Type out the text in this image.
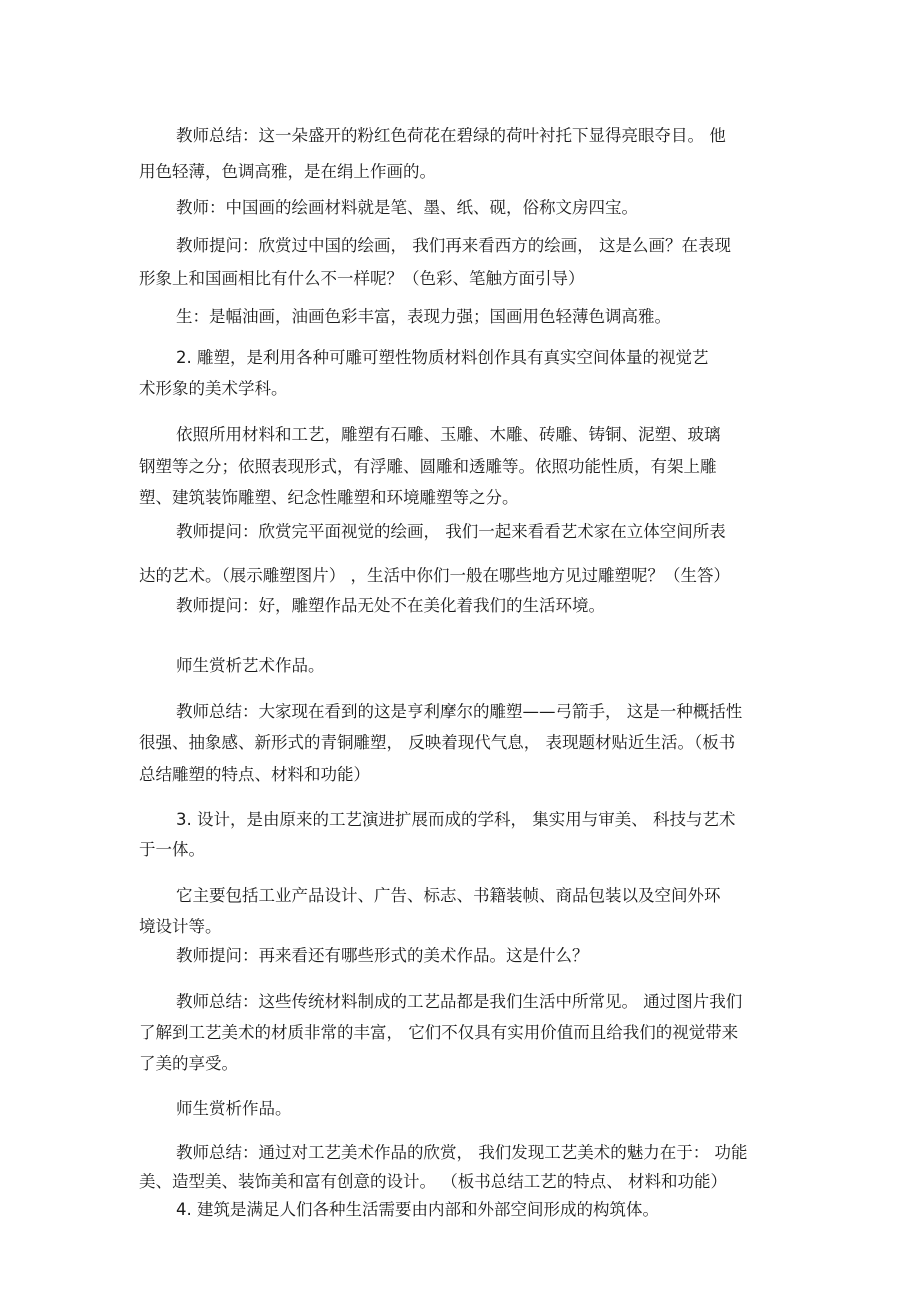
教师总结：这一朵盛开的粉红色荷花在碧绿的荷叶衬托下显得亮眼夺目。 他
用色轻薄，色调高雅，是在绢上作画的。
教师：中国画的绘画材料就是笔、墨、纸、砚，俗称文房四宝。
教师提问：欣赏过中国的绘画， 我们再来看西方的绘画， 这是么画？在表现
形象上和国画相比有什么不一样呢？（色彩、笔触方面引导）
生：是幅油画，油画色彩丰富，表现力强；国画用色轻薄色调高雅。
2. 雕塑，是利用各种可雕可塑性物质材料创作具有真实空间体量的视觉艺
术形象的美术学科。
依照所用材料和工艺，雕塑有石雕、玉雕、木雕、砖雕、铸铜、泥塑、玻璃
钢塑等之分；依照表现形式，有浮雕、圆雕和透雕等。依照功能性质，有架上雕
塑、建筑装饰雕塑、纪念性雕塑和环境雕塑等之分。
教师提问：欣赏完平面视觉的绘画， 我们一起来看看艺术家在立体空间所表
达的艺术。（展示雕塑图片） ，生活中你们一般在哪些地方见过雕塑呢？（生答）
教师提问：好，雕塑作品无处不在美化着我们的生活环境。
师生赏析艺术作品。
教师总结：大家现在看到的这是亨利摩尔的雕塑——弓箭手， 这是一种概括性
很强、抽象感、新形式的青铜雕塑， 反映着现代气息， 表现题材贴近生活。（板书
总结雕塑的特点、材料和功能）
3. 设计，是由原来的工艺演进扩展而成的学科， 集实用与审美、 科技与艺术
于一体。
它主要包括工业产品设计、广告、标志、书籍装帧、商品包装以及空间外环
境设计等。
教师提问：再来看还有哪些形式的美术作品。这是什么？
教师总结：这些传统材料制成的工艺品都是我们生活中所常见。 通过图片我们
了解到工艺美术的材质非常的丰富， 它们不仅具有实用价值而且给我们的视觉带来
了美的享受。
师生赏析作品。
教师总结：通过对工艺美术作品的欣赏， 我们发现工艺美术的魅力在于： 功能
美、造型美、装饰美和富有创意的设计。 （板书总结工艺的特点、 材料和功能）
4. 建筑是满足人们各种生活需要由内部和外部空间形成的构筑体。
